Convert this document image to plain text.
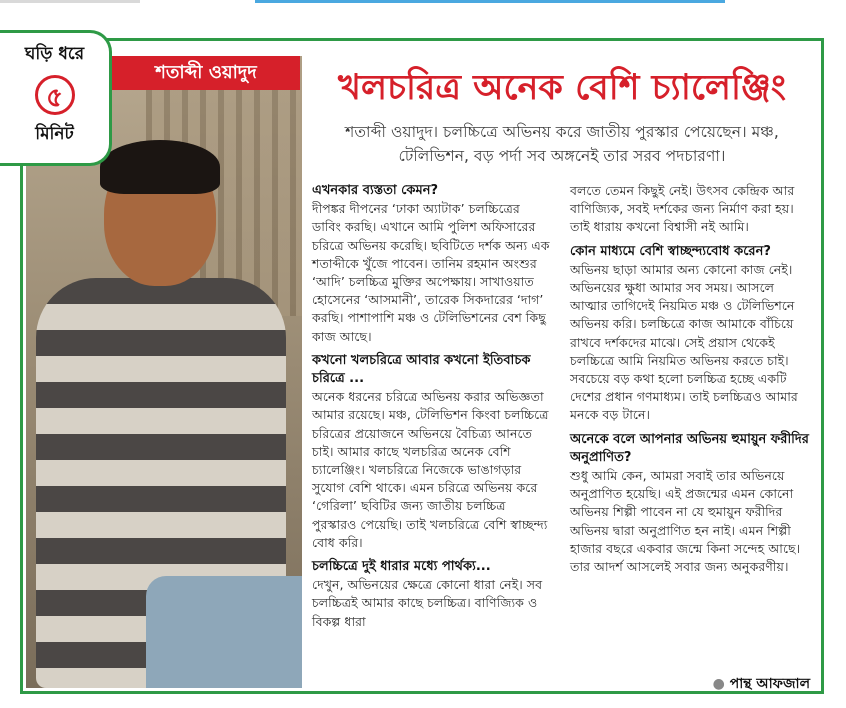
ঘড়ি ধরে
৫
মিনিট
শতাব্দী ওয়াদুদ	খলচরিত্র অনেক বেশি চ্যালেঞ্জিং
শতাব্দী ওয়াদুদ। চলচ্চিত্রে অভিনয় করে জাতীয় পুরস্কার পেয়েছেন। মঞ্চ, টেলিভিশন, বড় পর্দা সব অঙ্গনেই তার সরব পদচারণা।
এখনকার ব্যস্ততা কেমন?

দীপঙ্কর দীপনের ‘ঢাকা অ্যাটাক’ চলচ্চিত্রের ডাবিং করছি। এখানে আমি পুলিশ অফিসারের চরিত্রে অভিনয় করেছি। ছবিটিতে দর্শক অন্য এক শতাব্দীকে খুঁজে পাবেন। তানিম রহমান অংশুর ‘আদি’ চলচ্চিত্র মুক্তির অপেক্ষায়। সাখাওয়াত হোসেনের ‘আসমানী’, তারেক সিকদারের ‘দাগ’ করছি। পাশাপাশি মঞ্চ ও টেলিভিশনের বেশ কিছু কাজ আছে।

কখনো খলচরিত্রে আবার কখনো ইতিবাচক চরিত্রে ...

অনেক ধরনের চরিত্রে অভিনয় করার অভিজ্ঞতা আমার রয়েছে। মঞ্চ, টেলিভিশন কিংবা চলচ্চিত্রে চরিত্রের প্রয়োজনে অভিনয়ে বৈচিত্র্য আনতে চাই। আমার কাছে খলচরিত্র অনেক বেশি চ্যালেঞ্জিং। খলচরিত্রে নিজেকে ভাঙাগড়ার সুযোগ বেশি থাকে। এমন চরিত্রে অভিনয় করে ‘গেরিলা’ ছবিটির জন্য জাতীয় চলচ্চিত্র পুরস্কারও পেয়েছি। তাই খলচরিত্রে বেশি স্বাচ্ছন্দ্য বোধ করি।

চলচ্চিত্রে দুই ধারার মধ্যে পার্থক্য...

দেখুন, অভিনয়ের ক্ষেত্রে কোনো ধারা নেই। সব চলচ্চিত্রই আমার কাছে চলচ্চিত্র। বাণিজ্যিক ও বিকল্প ধারা

বলতে তেমন কিছুই নেই। উৎসব কেন্দ্রিক আর বাণিজ্যিক, সবই দর্শকের জন্য নির্মাণ করা হয়। তাই ধারায় কখনো বিশ্বাসী নই আমি।

কোন মাধ্যমে বেশি স্বাচ্ছন্দ্যবোধ করেন?

অভিনয় ছাড়া আমার অন্য কোনো কাজ নেই। অভিনয়ের ক্ষুধা আমার সব সময়। আসলে আত্মার তাগিদেই নিয়মিত মঞ্চ ও টেলিভিশনে অভিনয় করি। চলচ্চিত্রে কাজ আমাকে বাঁচিয়ে রাখবে দর্শকদের মাঝে। সেই প্রয়াস থেকেই চলচ্চিত্রে আমি নিয়মিত অভিনয় করতে চাই। সবচেয়ে বড় কথা হলো চলচ্চিত্র হচ্ছে একটি দেশের প্রধান গণমাধ্যম। তাই চলচ্চিত্রও আমার মনকে বড় টানে।

অনেকে বলে আপনার অভিনয় হুমায়ুন ফরীদির অনুপ্রাণিত?

শুধু আমি কেন, আমরা সবাই তার অভিনয়ে অনুপ্রাণিত হয়েছি। এই প্রজন্মের এমন কোনো অভিনয় শিল্পী পাবেন না যে হুমায়ুন ফরীদির অভিনয় দ্বারা অনুপ্রাণিত হন নাই। এমন শিল্পী হাজার বছরে একবার জন্মে কিনা সন্দেহ আছে। তার আদর্শ আসলেই সবার জন্য অনুকরণীয়।

● পান্থ আফজাল
